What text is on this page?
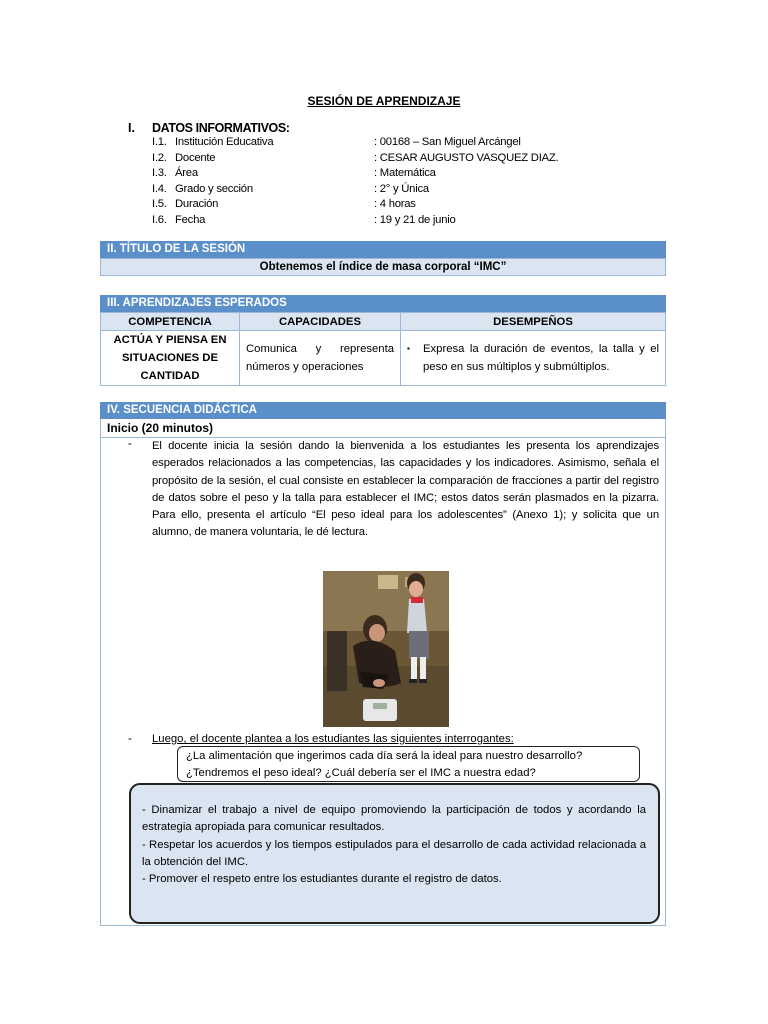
SESIÓN DE APRENDIZAJE
I. DATOS INFORMATIVOS:
I.1. Institución Educativa	: 00168 – San Miguel Arcángel
I.2. Docente	: CESAR AUGUSTO VASQUEZ DIAZ.
I.3. Área	: Matemática
I.4. Grado y sección	: 2° y Única
I.5. Duración	: 4 horas
I.6. Fecha	: 19 y 21 de junio
II. TÍTULO DE LA SESIÓN
Obtenemos el índice de masa corporal “IMC”
III. APRENDIZAJES ESPERADOS
COMPETENCIA	CAPACIDADES	DESEMPEÑOS
ACTÚA Y PIENSA EN SITUACIONES DE CANTIDAD	Comunica y representa números y operaciones	▪ Expresa la duración de eventos, la talla y el peso en sus múltiplos y submúltiplos.
IV. SECUENCIA DIDÁCTICA
Inicio (20 minutos)
- El docente inicia la sesión dando la bienvenida a los estudiantes les presenta los aprendizajes esperados relacionados a las competencias, las capacidades y los indicadores. Asimismo, señala el propósito de la sesión, el cual consiste en establecer la comparación de fracciones a partir del registro de datos sobre el peso y la talla para establecer el IMC; estos datos serán plasmados en la pizarra. Para ello, presenta el artículo “El peso ideal para los adolescentes” (Anexo 1); y solicita que un alumno, de manera voluntaria, le dé lectura.
- Luego, el docente plantea a los estudiantes las siguientes interrogantes:
¿La alimentación que ingerimos cada día será la ideal para nuestro desarrollo? ¿Tendremos el peso ideal? ¿Cuál debería ser el IMC a nuestra edad?
- Dinamizar el trabajo a nivel de equipo promoviendo la participación de todos y acordando la estrategia apropiada para comunicar resultados.
- Respetar los acuerdos y los tiempos estipulados para el desarrollo de cada actividad relacionada a la obtención del IMC.
- Promover el respeto entre los estudiantes durante el registro de datos.
